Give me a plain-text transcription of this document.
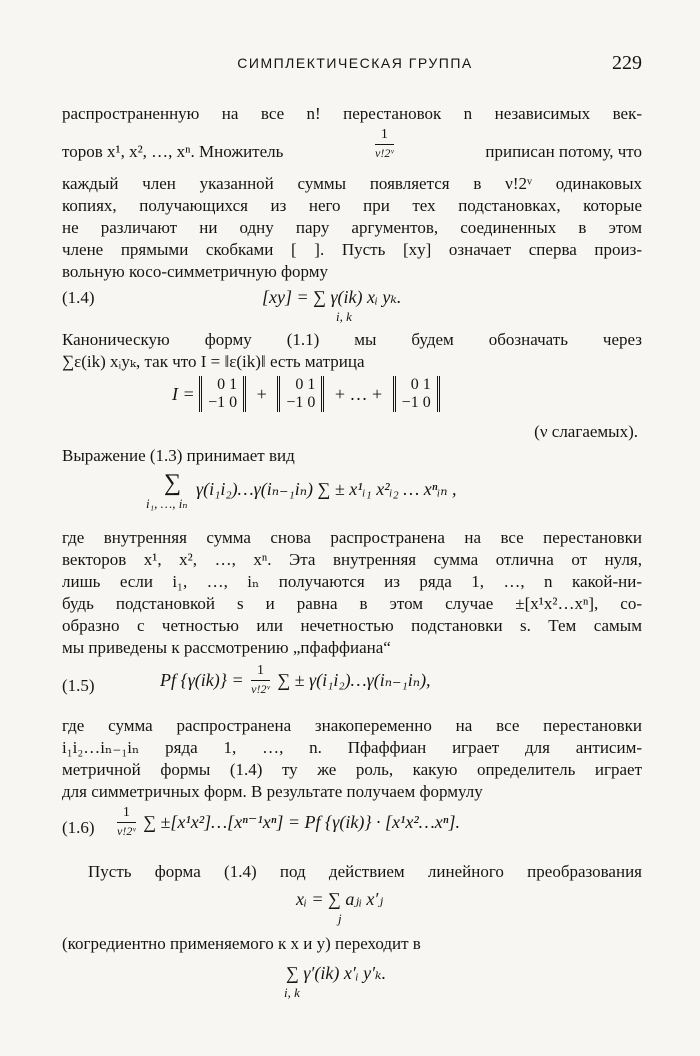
СИМПЛЕКТИЧЕСКАЯ ГРУППА	229
распространенную на все n! перестановок n независимых век-
торов x¹, x², …, xⁿ. Множитель	$\frac{1}{\text{ν!2ᵛ}}$	приписан потому, что
каждый член указанной суммы появляется в ν!2ᵛ одинаковых
копиях, получающихся из него при тех подстановках, которые
не различают ни одну пару аргументов, соединенных в этом
члене прямыми скобками [ ]. Пусть [xy] означает сперва произ-
вольную косо-симметричную форму
(1.4)	[xy] = ∑ γ(ik) xᵢ yₖ.
i, k
Каноническую форму (1.1) мы будем обозначать через
∑ε(ik) xᵢyₖ, так что I = ‖ε(ik)‖ есть матрица
I =	0 1
−1 0 +	0 1
−1 0 + … +	0 1
−1 0
(ν слагаемых).
Выражение (1.3) принимает вид
∑
i₁, …, iₙ
γ(i₁i₂)…γ(iₙ₋₁iₙ) ∑ ± x¹ᵢ₁ x²ᵢ₂ … xⁿᵢₙ ,
где внутренняя сумма снова распространена на все перестановки
векторов x¹, x², …, xⁿ. Эта внутренняя сумма отлична от нуля,
лишь если i₁, …, iₙ получаются из ряда 1, …, n какой-ни-
будь подстановкой s и равна в этом случае ±[x¹x²…xⁿ], со-
образно с четностью или нечетностью подстановки s. Тем самым
мы приведены к рассмотрению „пфаффиана“
(1.5)	Pf $\{\gamma(ik)\} = \frac{1}{\text{ν!2ᵛ}}$ ∑ ± γ(i₁i₂)…γ(iₙ₋₁iₙ),
где сумма распространена знакопеременно на все перестановки
i₁i₂…iₙ₋₁iₙ ряда 1, …, n. Пфаффиан играет для антисим-
метричной формы (1.4) ту же роль, какую определитель играет
для симметричных форм. В результате получаем формулу
$(1.6) \frac{1}{\text{ν!2ᵛ}}$ ∑ ±[x¹x²]…[xⁿ⁻¹xⁿ] = Pf {γ(ik)} · [x¹x²…xⁿ].
Пусть форма (1.4) под действием линейного преобразования
xᵢ = ∑ aⱼᵢ x′ⱼ
j
(когредиентно применяемого к x и y) переходит в
∑ γ′(ik) x′ᵢ y′ₖ.
i, k
